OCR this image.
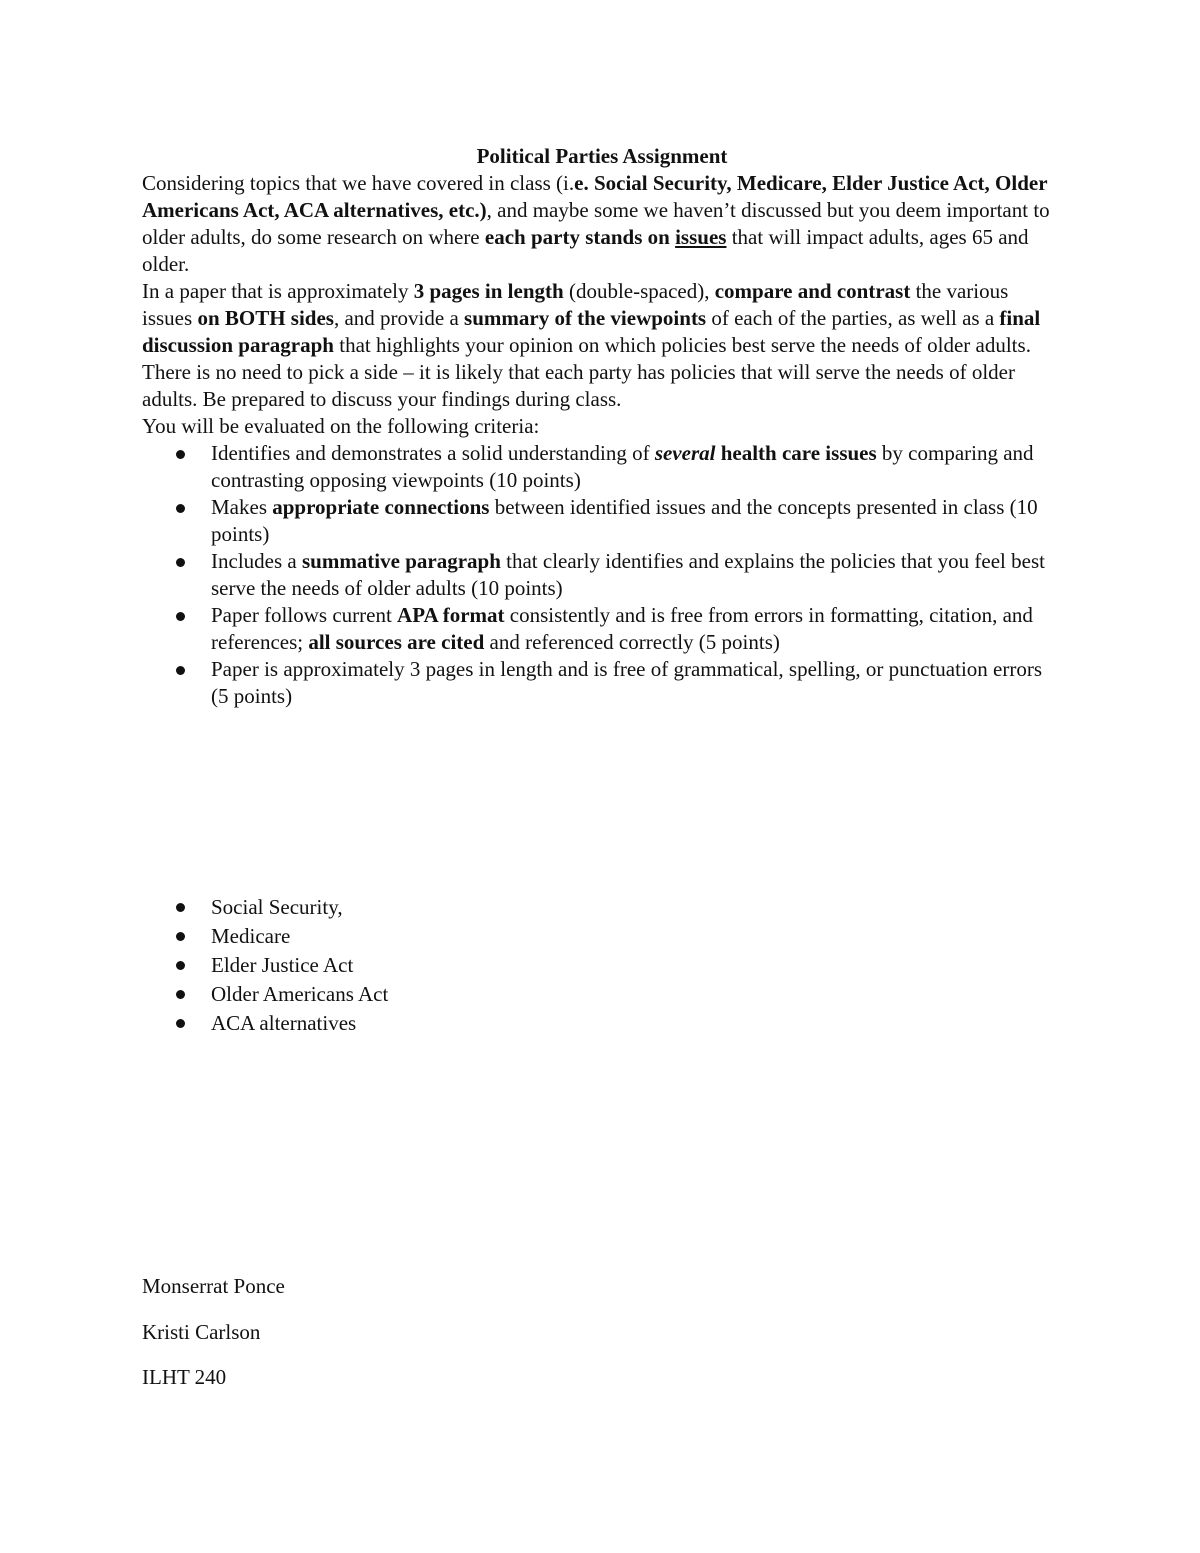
Political Parties Assignment

Considering topics that we have covered in class (i.e. Social Security, Medicare, Elder Justice Act, Older Americans Act, ACA alternatives, etc.), and maybe some we haven’t discussed but you deem important to older adults, do some research on where each party stands on issues that will impact adults, ages 65 and older.

In a paper that is approximately 3 pages in length (double-spaced), compare and contrast the various issues on BOTH sides, and provide a summary of the viewpoints of each of the parties, as well as a final discussion paragraph that highlights your opinion on which policies best serve the needs of older adults. There is no need to pick a side – it is likely that each party has policies that will serve the needs of older adults. Be prepared to discuss your findings during class.

You will be evaluated on the following criteria:

Identifies and demonstrates a solid understanding of several health care issues by comparing and contrasting opposing viewpoints (10 points)
Makes appropriate connections between identified issues and the concepts presented in class (10 points)
Includes a summative paragraph that clearly identifies and explains the policies that you feel best serve the needs of older adults (10 points)
Paper follows current APA format consistently and is free from errors in formatting, citation, and references; all sources are cited and referenced correctly (5 points)
Paper is approximately 3 pages in length and is free of grammatical, spelling, or punctuation errors (5 points)
Social Security,
Medicare
Elder Justice Act
Older Americans Act
ACA alternatives

Monserrat Ponce

Kristi Carlson

ILHT 240
